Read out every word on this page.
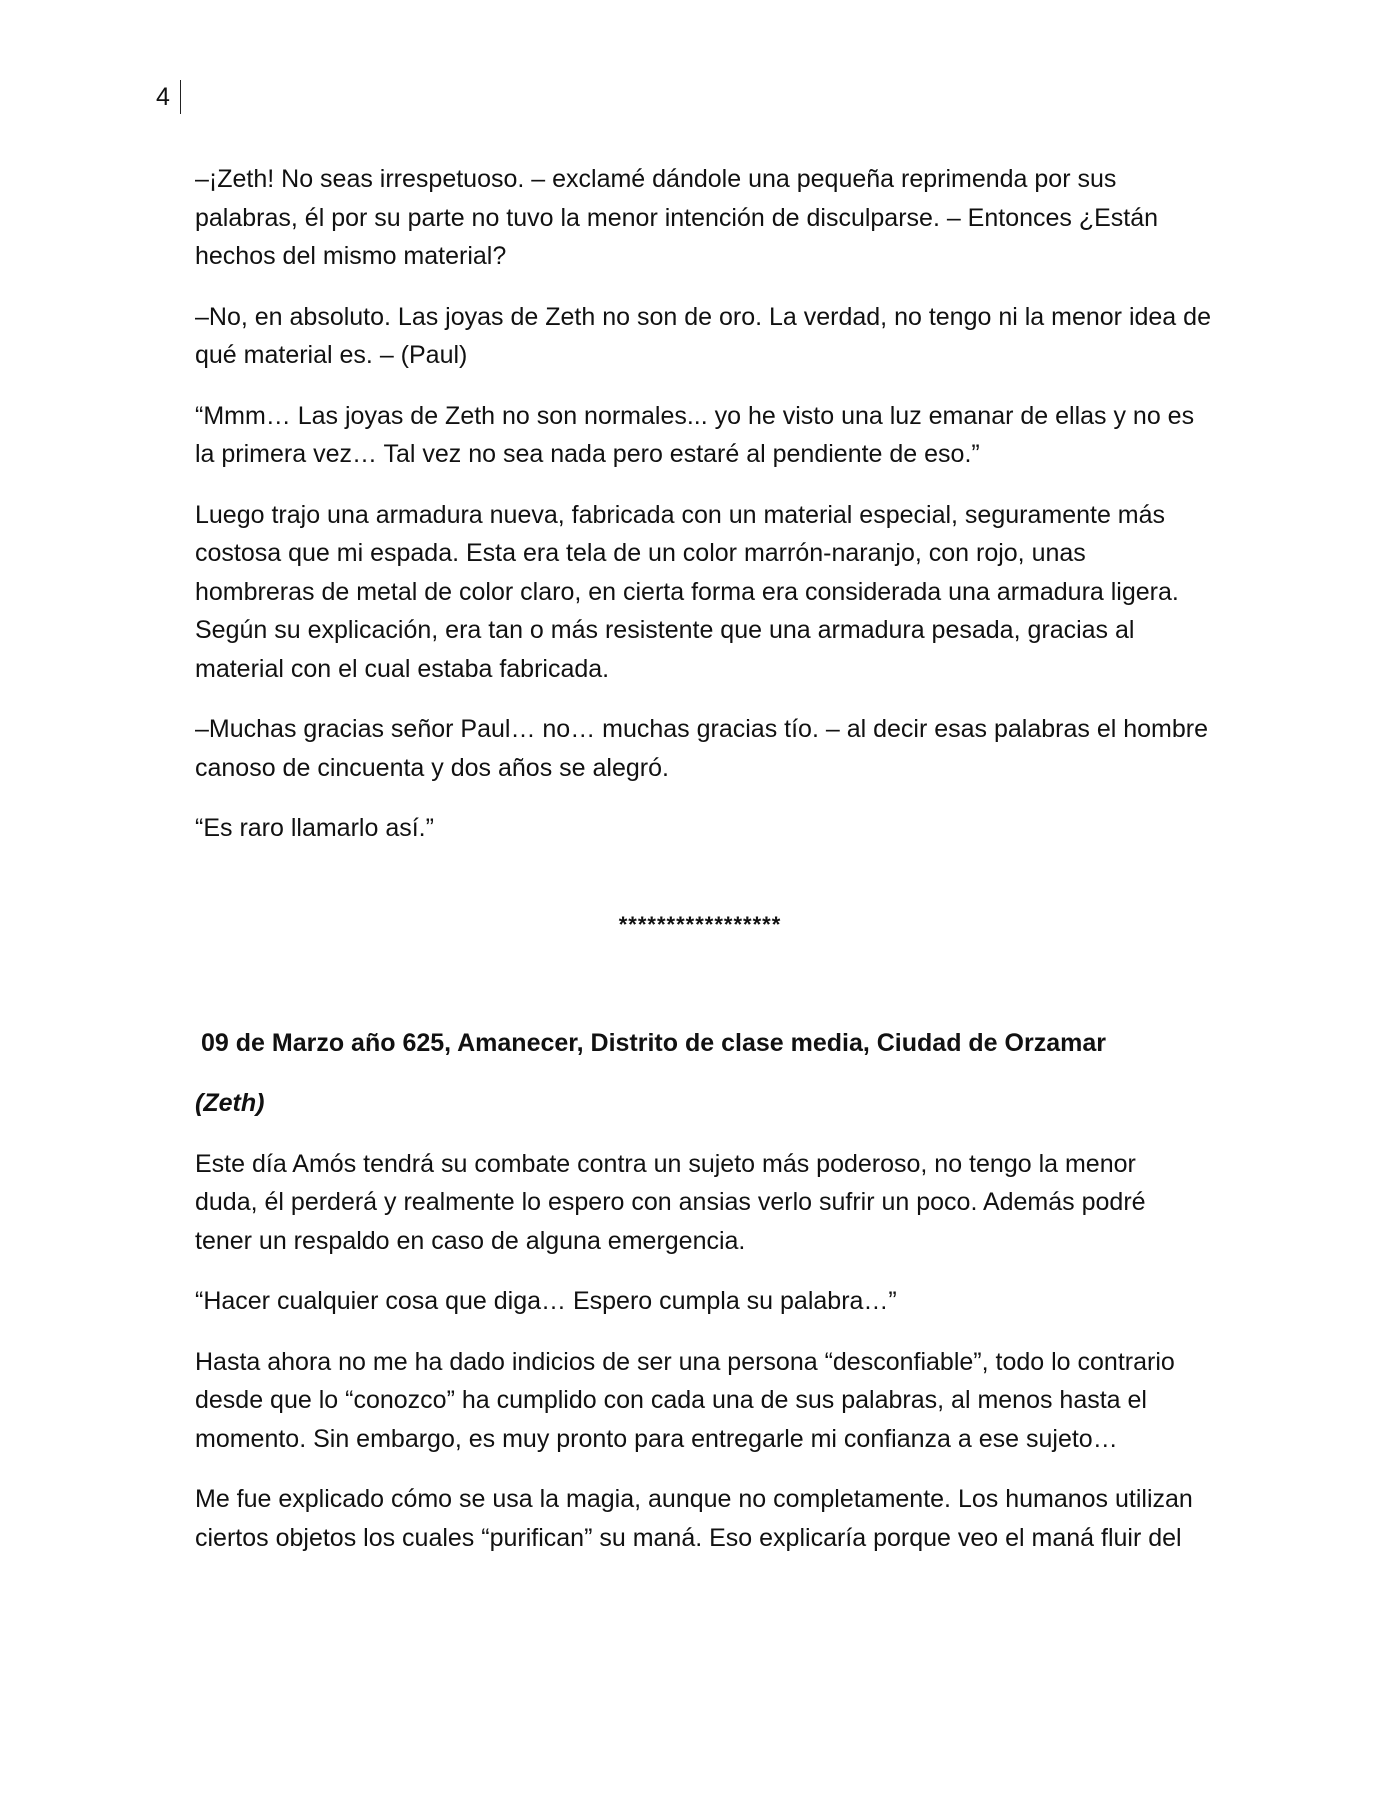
4

–¡Zeth! No seas irrespetuoso. – exclamé dándole una pequeña reprimenda por sus
palabras, él por su parte no tuvo la menor intención de disculparse. – Entonces ¿Están
hechos del mismo material?

–No, en absoluto. Las joyas de Zeth no son de oro. La verdad, no tengo ni la menor idea de
qué material es. – (Paul)

“Mmm… Las joyas de Zeth no son normales... yo he visto una luz emanar de ellas y no es
la primera vez… Tal vez no sea nada pero estaré al pendiente de eso.”

Luego trajo una armadura nueva, fabricada con un material especial, seguramente más
costosa que mi espada. Esta era tela de un color marrón-naranjo, con rojo, unas
hombreras de metal de color claro, en cierta forma era considerada una armadura ligera.
Según su explicación, era tan o más resistente que una armadura pesada, gracias al
material con el cual estaba fabricada.

–Muchas gracias señor Paul… no… muchas gracias tío. – al decir esas palabras el hombre
canoso de cincuenta y dos años se alegró.

“Es raro llamarlo así.”

*****************
09 de Marzo año 625, Amanecer, Distrito de clase media, Ciudad de Orzamar
(Zeth)

Este día Amós tendrá su combate contra un sujeto más poderoso, no tengo la menor
duda, él perderá y realmente lo espero con ansias verlo sufrir un poco. Además podré
tener un respaldo en caso de alguna emergencia.

“Hacer cualquier cosa que diga… Espero cumpla su palabra…”

Hasta ahora no me ha dado indicios de ser una persona “desconfiable”, todo lo contrario
desde que lo “conozco” ha cumplido con cada una de sus palabras, al menos hasta el
momento. Sin embargo, es muy pronto para entregarle mi confianza a ese sujeto…

Me fue explicado cómo se usa la magia, aunque no completamente. Los humanos utilizan
ciertos objetos los cuales “purifican” su maná. Eso explicaría porque veo el maná fluir del
